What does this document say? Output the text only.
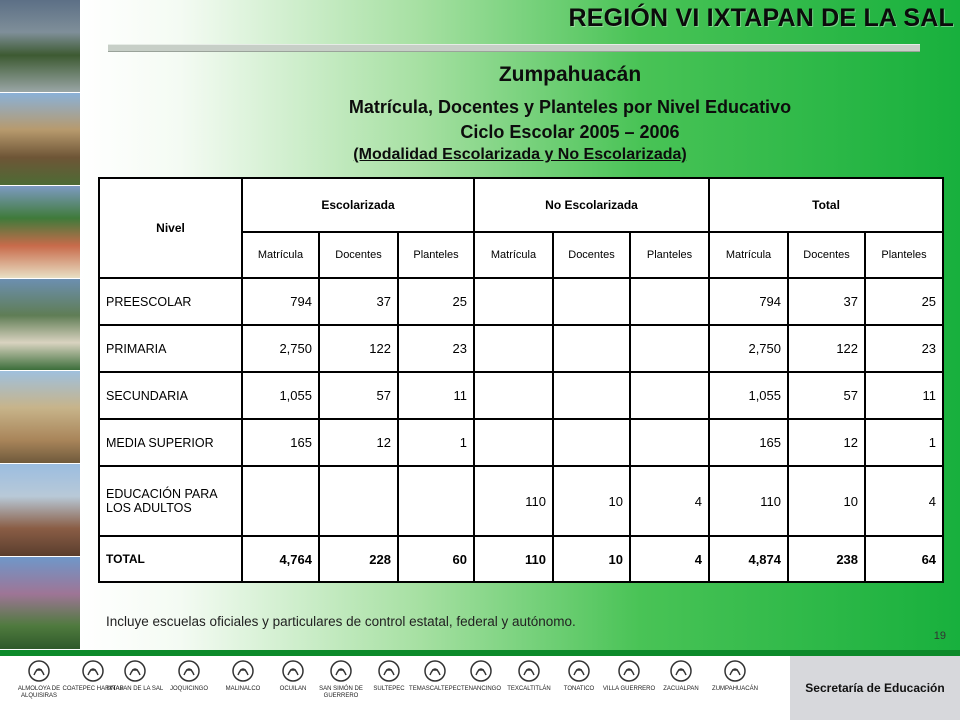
REGIÓN VI IXTAPAN DE LA SAL
Zumpahuacán
Matrícula, Docentes y Planteles por Nivel Educativo
Ciclo Escolar 2005 – 2006
(Modalidad Escolarizada y No Escolarizada)
Nivel	Escolarizada			No Escolarizada			Total		
	Matrícula	Docentes	Planteles	Matrícula	Docentes	Planteles	Matrícula	Docentes	Planteles
PREESCOLAR	794	37	25				794	37	25
PRIMARIA	2,750	122	23				2,750	122	23
SECUNDARIA	1,055	57	11				1,055	57	11
MEDIA SUPERIOR	165	12	1				165	12	1
EDUCACIÓN PARA LOS ADULTOS				110	10	4	110	10	4
TOTAL	4,764	228	60	110	10	4	4,874	238	64
Incluye escuelas oficiales y particulares de control estatal, federal y autónomo.
19
ALMOLOYA DE ALQUISIRAS
COATEPEC HARINAS
IXTAPAN DE LA SAL	JOQUICINGO	MALINALCO	OCUILAN	SAN SIMÓN DE GUERRERO
SULTEPEC TEMASCALTEPEC TENANCINGO	TEXCALTITLÁN	TONATICO	VILLA GUERRERO	ZACUALPAN	ZUMPAHUACÁN	Secretaría de Educación
